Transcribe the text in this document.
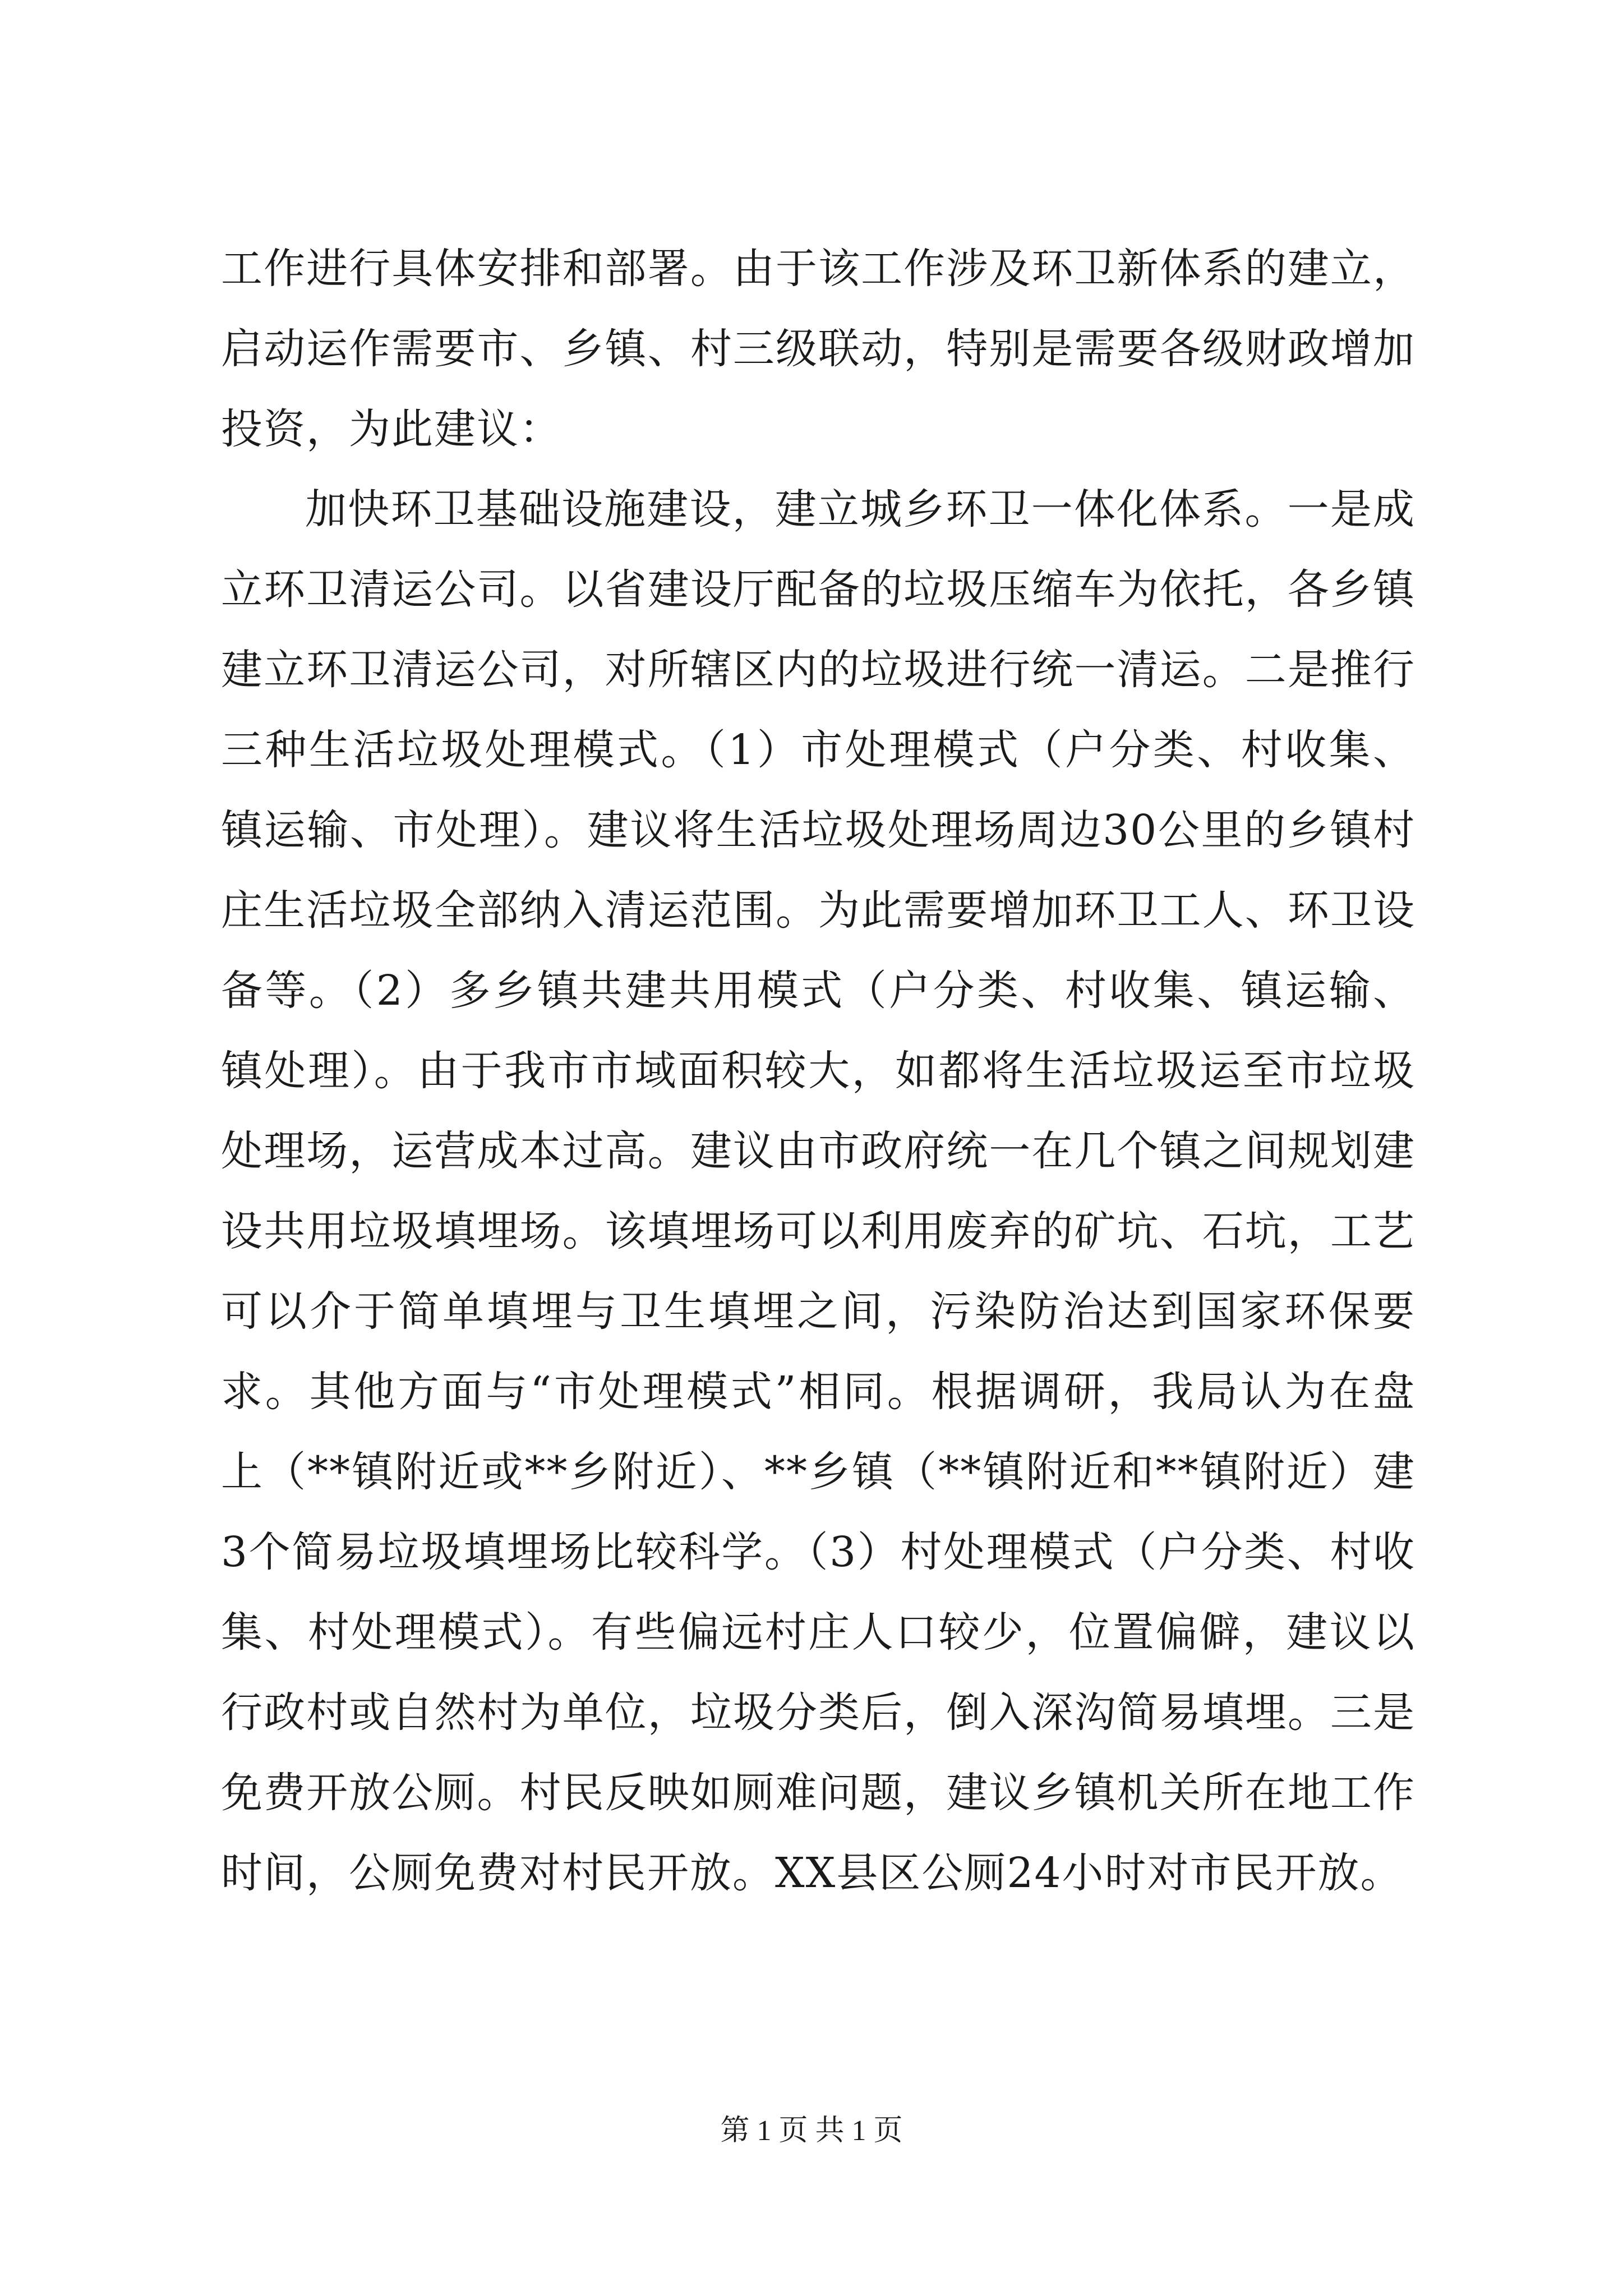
工作进行具体安排和部署。由于该工作涉及环卫新体系的建立，启动运作需要市、乡镇、村三级联动，特别是需要各级财政增加投资，为此建议：

加快环卫基础设施建设，建立城乡环卫一体化体系。一是成立环卫清运公司。以省建设厅配备的垃圾压缩车为依托，各乡镇建立环卫清运公司，对所辖区内的垃圾进行统一清运。二是推行三种生活垃圾处理模式。（1）市处理模式（户分类、村收集、镇运输、市处理）。建议将生活垃圾处理场周边30公里的乡镇村庄生活垃圾全部纳入清运范围。为此需要增加环卫工人、环卫设备等。（2）多乡镇共建共用模式（户分类、村收集、镇运输、镇处理）。由于我市市域面积较大，如都将生活垃圾运至市垃圾处理场，运营成本过高。建议由市政府统一在几个镇之间规划建设共用垃圾填埋场。该填埋场可以利用废弃的矿坑、石坑，工艺可以介于简单填埋与卫生填埋之间，污染防治达到国家环保要求。其他方面与“市处理模式”相同。根据调研，我局认为在盘上（**镇附近或**乡附近）、**乡镇（**镇附近和**镇附近）建3个简易垃圾填埋场比较科学。（3）村处理模式（户分类、村收集、村处理模式）。有些偏远村庄人口较少，位置偏僻，建议以行政村或自然村为单位，垃圾分类后，倒入深沟简易填埋。三是免费开放公厕。村民反映如厕难问题，建议乡镇机关所在地工作时间，公厕免费对村民开放。XX县区公厕24小时对市民开放。

第 1 页 共 1 页
